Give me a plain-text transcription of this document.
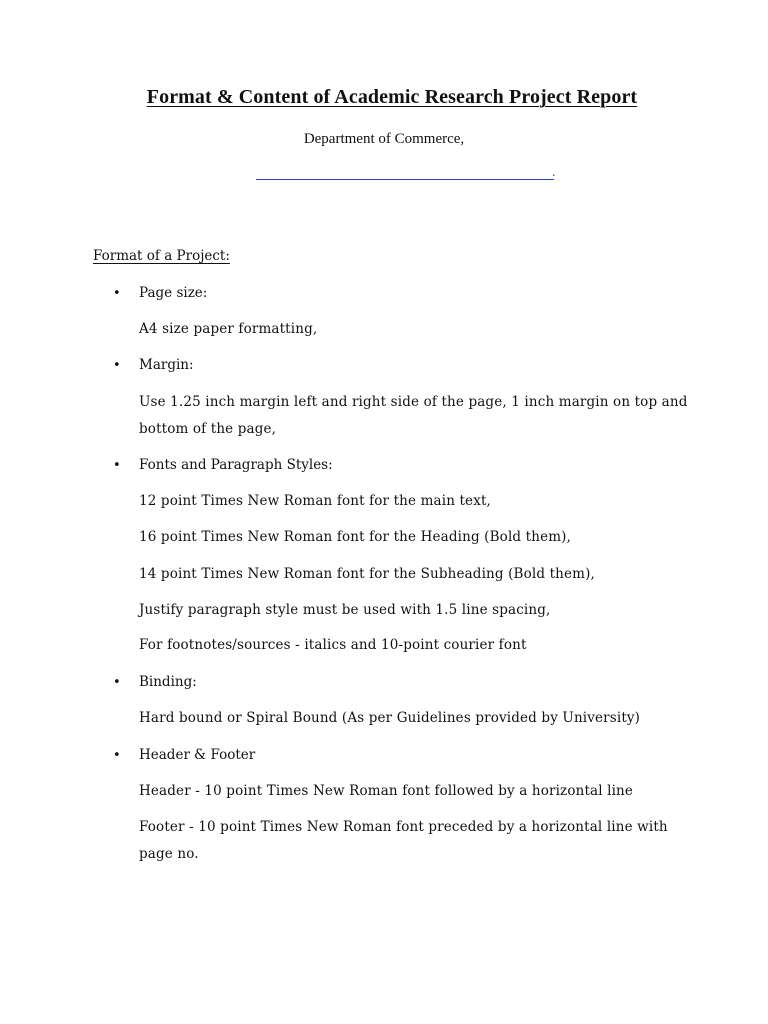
Format & Content of Academic Research Project Report
Department of Commerce,
.
Format of a Project:
• Page size:
A4 size paper formatting,
• Margin:
Use 1.25 inch margin left and right side of the page, 1 inch margin on top and
bottom of the page,
• Fonts and Paragraph Styles:
12 point Times New Roman font for the main text,
16 point Times New Roman font for the Heading (Bold them),
14 point Times New Roman font for the Subheading (Bold them),
Justify paragraph style must be used with 1.5 line spacing,
For footnotes/sources - italics and 10-point courier font
• Binding:
Hard bound or Spiral Bound (As per Guidelines provided by University)
• Header & Footer
Header - 10 point Times New Roman font followed by a horizontal line
Footer - 10 point Times New Roman font preceded by a horizontal line with
page no.
